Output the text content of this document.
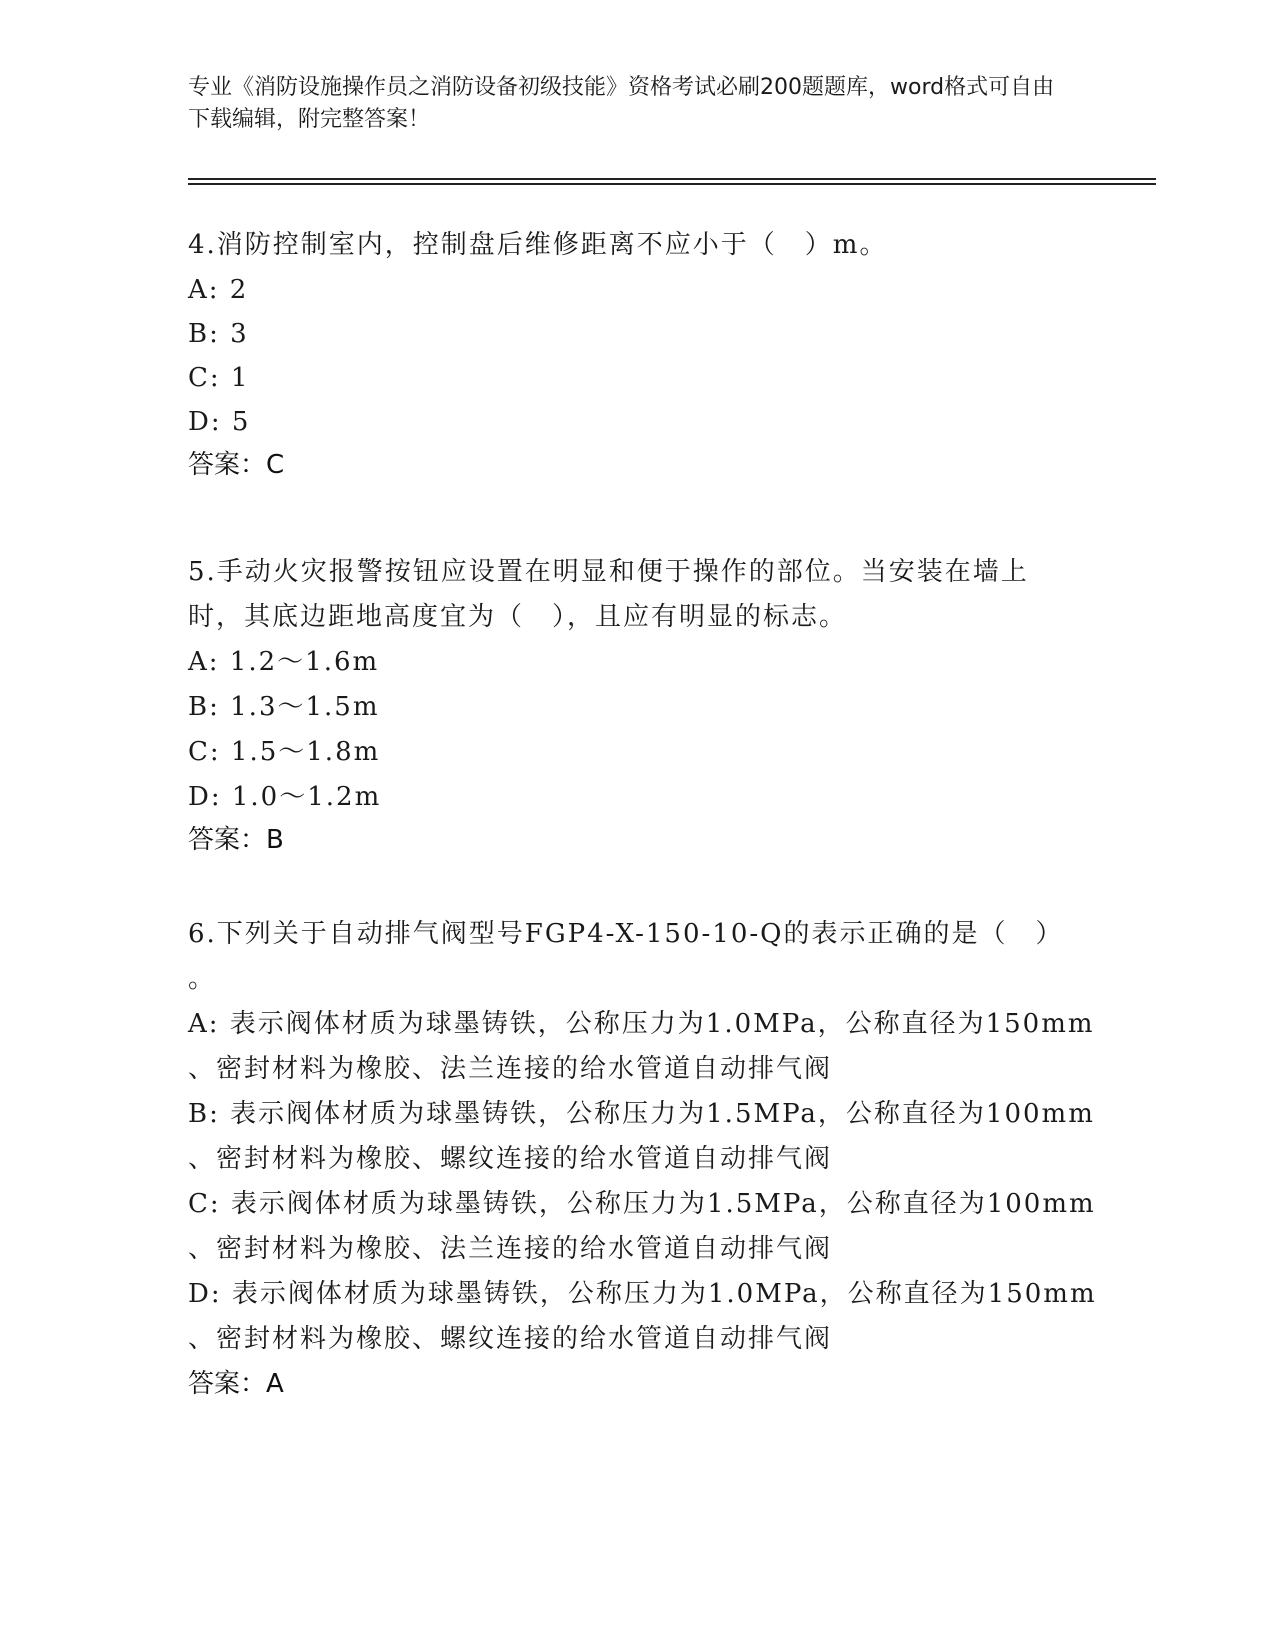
专业《消防设施操作员之消防设备初级技能》资格考试必刷200题题库，word格式可自由下载编辑，附完整答案！
4.消防控制室内，控制盘后维修距离不应小于（　）m。
A: 2
B: 3
C: 1
D: 5
答案：C
5.手动火灾报警按钮应设置在明显和便于操作的部位。当安装在墙上
时，其底边距地高度宜为（　），且应有明显的标志。
A: 1.2～1.6m
B: 1.3～1.5m
C: 1.5～1.8m
D: 1.0～1.2m
答案：B
6.下列关于自动排气阀型号FGP4-X-150-10-Q的表示正确的是（　）
。
A: 表示阀体材质为球墨铸铁，公称压力为1.0MPa，公称直径为150mm
、密封材料为橡胶、法兰连接的给水管道自动排气阀
B: 表示阀体材质为球墨铸铁，公称压力为1.5MPa，公称直径为100mm
、密封材料为橡胶、螺纹连接的给水管道自动排气阀
C: 表示阀体材质为球墨铸铁，公称压力为1.5MPa，公称直径为100mm
、密封材料为橡胶、法兰连接的给水管道自动排气阀
D: 表示阀体材质为球墨铸铁，公称压力为1.0MPa，公称直径为150mm
、密封材料为橡胶、螺纹连接的给水管道自动排气阀
答案：A
